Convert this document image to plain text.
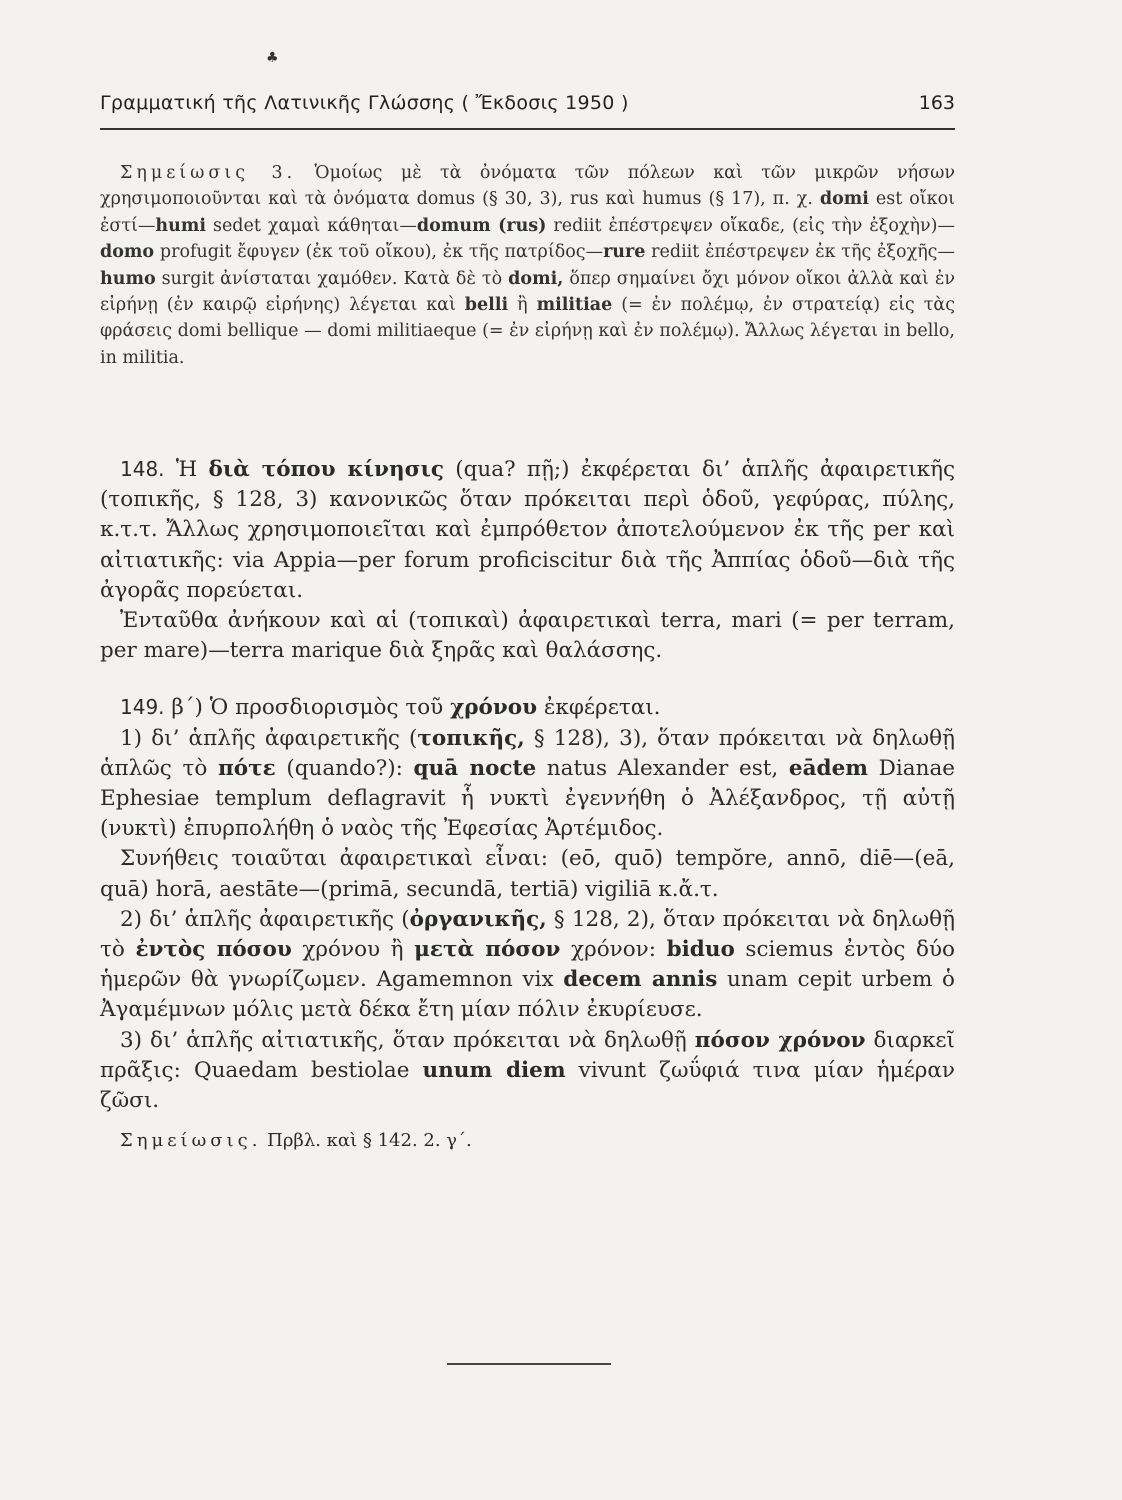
♣
Γραμματική τῆς Λατινικῆς Γλώσσης ( Ἔκδοσις 1950 )	163

Σημείωσις 3. Ὁμοίως μὲ τὰ ὀνόματα τῶν πόλεων καὶ τῶν μικρῶν νήσων χρησιμοποιοῦνται καὶ τὰ ὀνόματα domus (§ 30, 3), rus καὶ humus (§ 17), π. χ. domi est οἴκοι ἐστί—humi sedet χαμαὶ κάθηται—domum (rus) rediit ἐπέστρεψεν οἴκαδε, (εἰς τὴν ἐξοχὴν)—domo profugit ἔφυγεν (ἐκ τοῦ οἴκου), ἐκ τῆς πατρίδος—rure rediit ἐπέστρεψεν ἐκ τῆς ἐξοχῆς—humo surgit ἀνίσταται χαμόθεν. Κατὰ δὲ τὸ domi, ὅπερ σημαίνει ὄχι μόνον οἴκοι ἀλλὰ καὶ ἐν εἰρήνῃ (ἐν καιρῷ εἰρήνης) λέγεται καὶ belli ἢ militiae (= ἐν πολέμῳ, ἐν στρατείᾳ) εἰς τὰς φράσεις domi bellique — domi militiaeque (= ἐν εἰρήνῃ καὶ ἐν πολέμῳ). Ἄλλως λέγεται in bello, in militia.

148. Ἡ διὰ τόπου κίνησις (qua? πῇ;) ἐκφέρεται δι’ ἁπλῆς ἀφαιρετικῆς (τοπικῆς, § 128, 3) κανονικῶς ὅταν πρόκειται περὶ ὁδοῦ, γεφύρας, πύλης, κ.τ.τ. Ἄλλως χρησιμοποιεῖται καὶ ἐμπρόθετον ἀποτελούμενον ἐκ τῆς per καὶ αἰτιατικῆς: via Appia—per forum proficiscitur διὰ τῆς Ἀππίας ὁδοῦ—διὰ τῆς ἀγορᾶς πορεύεται.

Ἐνταῦθα ἀνήκουν καὶ αἱ (τοπικαὶ) ἀφαιρετικαὶ terra, mari (= per terram, per mare)—terra marique διὰ ξηρᾶς καὶ θαλάσσης.

149. β΄) Ὁ προσδιορισμὸς τοῦ χρόνου ἐκφέρεται.

1) δι’ ἁπλῆς ἀφαιρετικῆς (τοπικῆς, § 128), 3), ὅταν πρόκειται νὰ δηλωθῇ ἁπλῶς τὸ πότε (quando?): quā nocte natus Alexander est, eādem Dianae Ephesiae templum deflagravit ἧ νυκτὶ ἐγεννήθη ὁ Ἀλέξανδρος, τῇ αὐτῇ (νυκτὶ) ἐπυρπολήθη ὁ ναὸς τῆς Ἐφεσίας Ἀρτέμιδος.

Συνήθεις τοιαῦται ἀφαιρετικαὶ εἶναι: (eō, quō) tempŏre, annō, diē—(eā, quā) horā, aestāte—(primā, secundā, tertiā) vigiliā κ.ἄ.τ.

2) δι’ ἁπλῆς ἀφαιρετικῆς (ὀργανικῆς, § 128, 2), ὅταν πρόκειται νὰ δηλωθῇ τὸ ἐντὸς πόσου χρόνου ἢ μετὰ πόσον χρόνον: biduo sciemus ἐντὸς δύο ἡμερῶν θὰ γνωρίζωμεν. Agamemnon vix decem annis unam cepit urbem ὁ Ἀγαμέμνων μόλις μετὰ δέκα ἔτη μίαν πόλιν ἐκυρίευσε.

3) δι’ ἁπλῆς αἰτιατικῆς, ὅταν πρόκειται νὰ δηλωθῇ πόσον χρόνον διαρκεῖ πρᾶξις: Quaedam bestiolae unum diem vivunt ζωΰφιά τινα μίαν ἡμέραν ζῶσι.

Σημείωσις. Πρβλ. καὶ § 142. 2. γ΄.
